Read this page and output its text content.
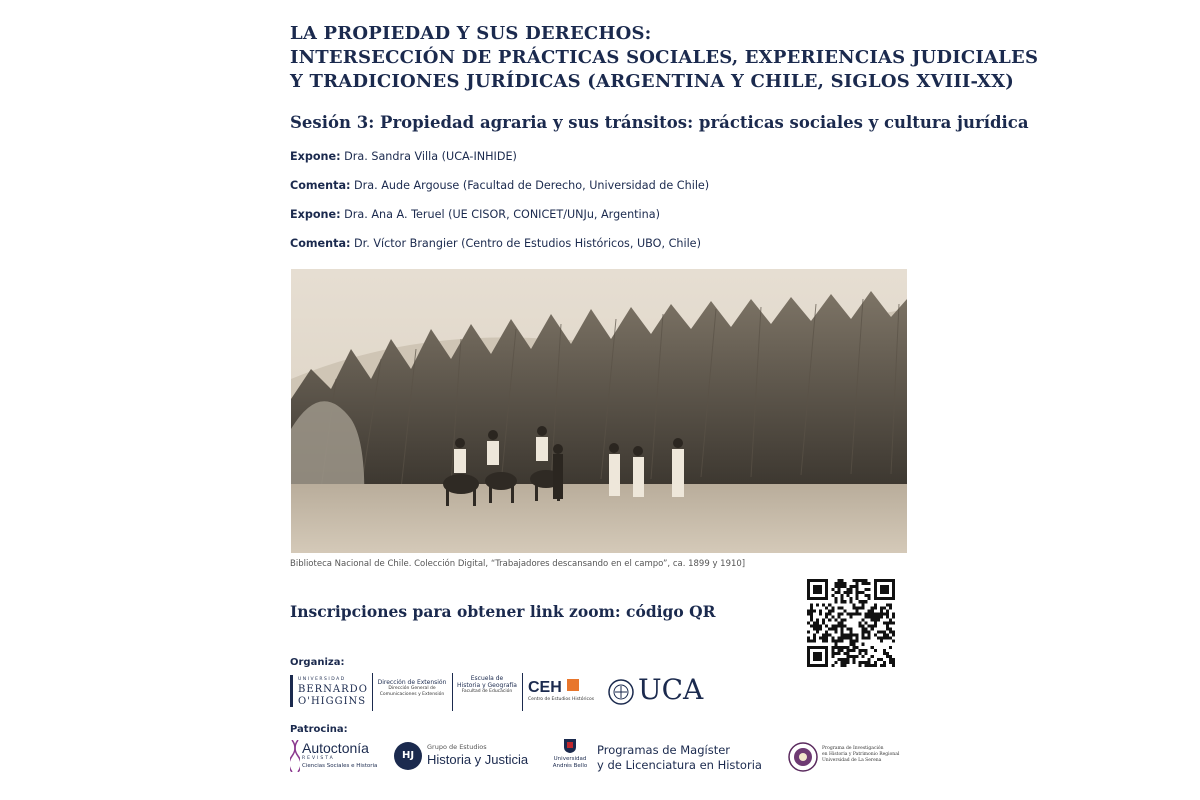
LA PROPIEDAD Y SUS DERECHOS:
INTERSECCIÓN DE PRÁCTICAS SOCIALES, EXPERIENCIAS JUDICIALES
Y TRADICIONES JURÍDICAS (ARGENTINA Y CHILE, SIGLOS XVIII-XX)
Sesión 3: Propiedad agraria y sus tránsitos: prácticas sociales y cultura jurídica
Expone: Dra. Sandra Villa (UCA-INHIDE)
Comenta: Dra. Aude Argouse (Facultad de Derecho, Universidad de Chile)
Expone: Dra. Ana A. Teruel (UE CISOR, CONICET/UNJu, Argentina)
Comenta: Dr. Víctor Brangier (Centro de Estudios Históricos, UBO, Chile)
Biblioteca Nacional de Chile. Colección Digital, “Trabajadores descansando en el campo”, ca. 1899 y 1910]
Inscripciones para obtener link zoom: código QR
Organiza:
UNIVERSIDAD
BERNARDO
O'HIGGINS
Dirección de Extensión
Dirección General de Comunicaciones y Extensión
Escuela de
Historia y Geografía
Facultad de Educación CEH
Centro de Estudios Históricos UCA
Patrocina:
Autoctonía
REVISTA
Ciencias Sociales e Historia
HJ
Grupo de Estudios
Historia y Justicia	Universidad
Andrés Bello
Programas de Magíster
y de Licenciatura en Historia
Programa de Investigación
en Historia y Patrimonio Regional
Universidad de La Serena
